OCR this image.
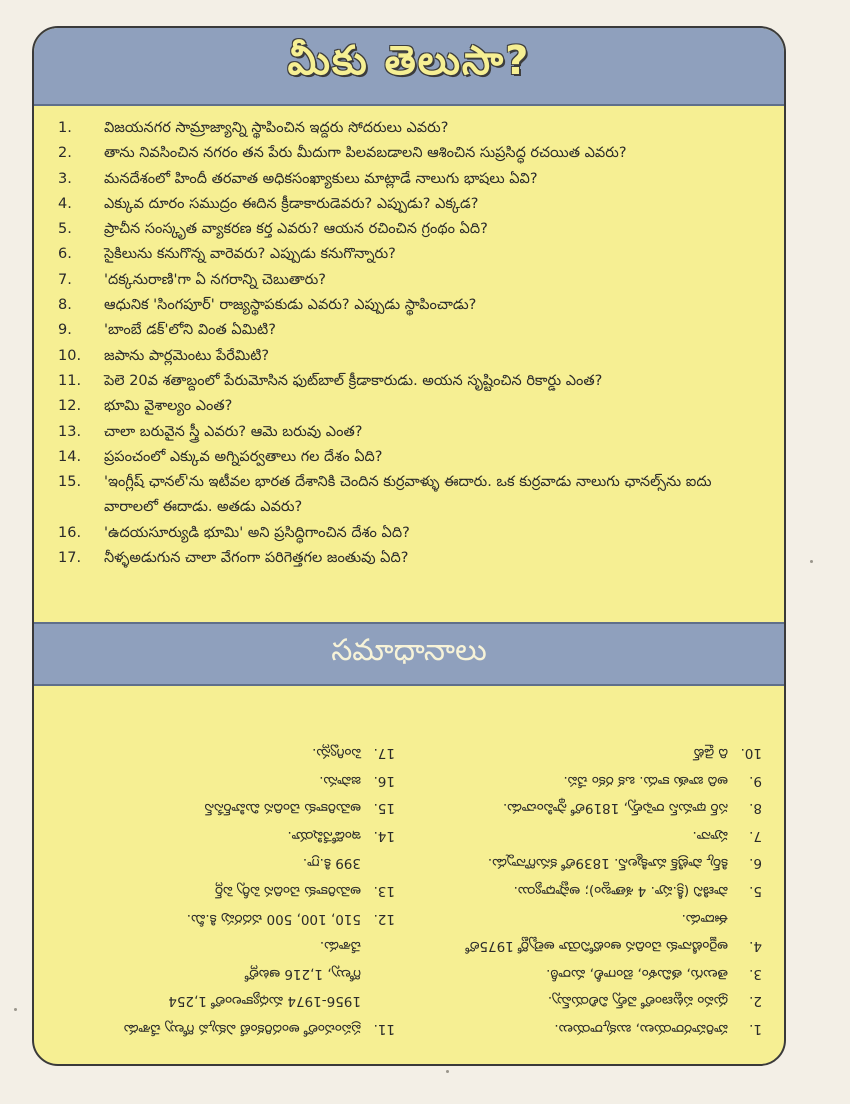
మీకు తెలుసా?
1.	విజయనగర సామ్రాజ్యాన్ని స్థాపించిన ఇద్దరు సోదరులు ఎవరు?
2.	తాను నివసించిన నగరం తన పేరు మీదుగా పిలవబడాలని ఆశించిన సుప్రసిద్ధ రచయిత ఎవరు?
3.	మనదేశంలో హిందీ తరవాత అధికసంఖ్యాకులు మాట్లాడే నాలుగు భాషలు ఏవి?
4.	ఎక్కువ దూరం సముద్రం ఈదిన క్రీడాకారుడెవరు? ఎప్పుడు? ఎక్కడ?
5.	ప్రాచీన సంస్కృత వ్యాకరణ కర్త ఎవరు? ఆయన రచించిన గ్రంథం ఏది?
6.	సైకిలును కనుగొన్న వారెవరు? ఎప్పుడు కనుగొన్నారు?
7.	'దక్కనురాణి'గా ఏ నగరాన్ని చెబుతారు?
8.	ఆధునిక 'సింగపూర్' రాజ్యస్థాపకుడు ఎవరు? ఎప్పుడు స్థాపించాడు?
9.	'బాంబే డక్'లోని వింత ఏమిటి?
10.	జపాను పార్లమెంటు పేరేమిటి?
11.	పెలె 20వ శతాబ్దంలో పేరుమోసిన ఫుట్‌బాల్ క్రీడాకారుడు. అయన సృష్టించిన రికార్డు ఎంత?
12.	భూమి వైశాల్యం ఎంత?
13.	చాలా బరువైన స్త్రీ ఎవరు? ఆమె బరువు ఎంత?
14.	ప్రపంచంలో ఎక్కువ అగ్నిపర్వతాలు గల దేశం ఏది?
15.	'ఇంగ్లీష్ ఛానల్'ను ఇటీవల భారత దేశానికి చెందిన కుర్రవాళ్ళు ఈదారు. ఒక కుర్రవాడు నాలుగు ఛానల్స్‌ను ఐదు వారాలలో ఈదాడు. అతడు ఎవరు?
16.	'ఉదయసూర్యుడి భూమి' అని ప్రసిద్ధిగాంచిన దేశం ఏది?
17.	నీళ్ళఅడుగున చాలా వేగంగా పరిగెత్తగల జంతువు ఏది?
సమాధానాలు
1.
హరిహరరాయలు, బుక్కరాయలు.
2.
ధ్రువం పట్టణంలో వెల్స్ విలియమ్స్.
3.
తెలుగు, తమిళం, బెంగాలీ, మరాఠీ.
4.
అర్జెంటీనాకు చెందిన ఆంటోనియో అల్బెర్టో 1975లో
ఈదాడు.
5.
పాణిని (క్రీ.పూ. 4 శతాబ్దం); అష్టాధ్యాయి.
6.
కిర్క్ పాట్రిక్ మాక్మిలన్. 1839లో కనుగొన్నాడు.
7.
పూనా.
8.
సర్ థామస్ రాఫెల్స్, 1819లో స్థాపించాడు.
9.
అది బాతు కాదు. ఒక రకం చేప.
10.
ది డైట్
11.
ప్రపంచంలో అందరికంటే ఎక్కువ గోల్సు చేశాడు
1956-1974 మధ్యకాలంలో 1,254
గోల్సు, 1,216 ఆటల్లో
చేశాడు.
12.
510, 100, 500 చదరపు కి.మీ.
13.
అమెరికాకు చెందిన పెర్సీ పెర్ల్
399 కి.గ్రా.
14.
ఇండోనేషియా.
15.
అమెరికాకు చెందిన మిహిర్‌సేన్
16.
జపాను.
17.
పెంగ్విన్లు.
